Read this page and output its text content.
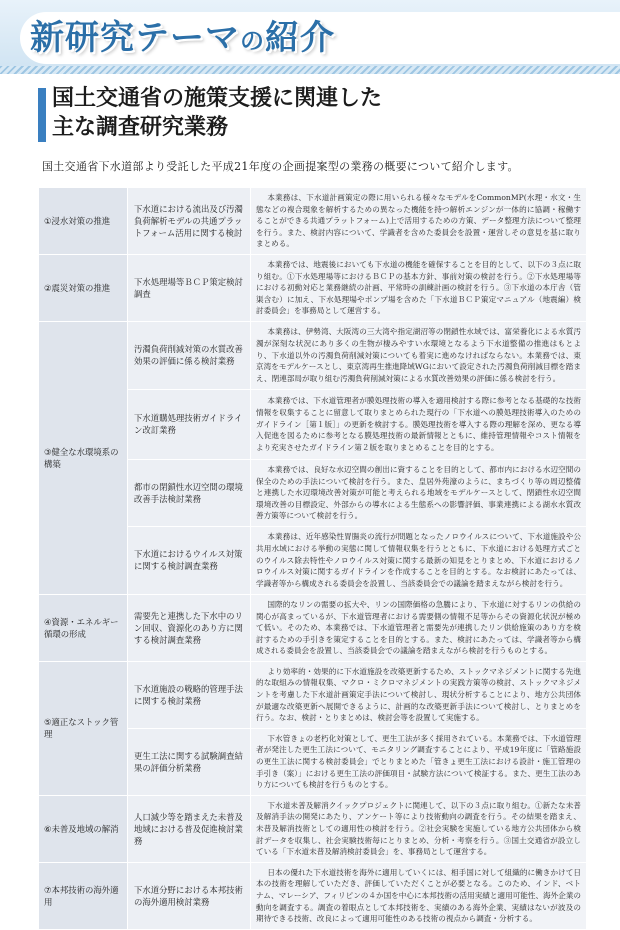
新研究テーマの紹介
国土交通省の施策支援に関連した
主な調査研究業務

国土交通省下水道部より受託した平成21年度の企画提案型の業務の概要について紹介します。

①浸水対策の推進	下水道における流出及び汚濁負荷解析モデルの共通プラットフォーム活用に関する検討	本業務は、下水道計画策定の際に用いられる様々なモデルをCommonMP(水理・水文・生態などの複合現象を解析するための異なった機能を持つ解析エンジンが一体的に協調・稼働することができる共通プラットフォーム)上で活用するための方策、データ整理方法について整理を行う。また、検討内容について、学識者を含めた委員会を設置・運営しその意見を基に取りまとめる。

②震災対策の推進	下水処理場等ＢＣＰ策定検討調査	本業務では、地震後においても下水道の機能を確保することを目的として、以下の３点に取り組む。①下水処理場等におけるＢＣＰの基本方針、事前対策の検討を行う。②下水処理場等における初動対応と業務継続の計画、平常時の訓練計画の検討を行う。③下水道の本庁舎（管渠含む）に加え、下水処理場やポンプ場を含めた「下水道ＢＣＰ策定マニュアル（地震編）検討委員会」を事務局として運営する。

③健全な水環境系の構築	汚濁負荷削減対策の水質改善効果の評価に係る検討業務	本業務は、伊勢湾、大阪湾の三大湾や指定湖沼等の閉鎖性水域では、富栄養化による水質汚濁が深刻な状況にあり多くの生物が棲みやすい水環境となるよう下水道整備の推進はもとより、下水道以外の汚濁負荷削減対策についても着実に進めなければならない。本業務では、東京湾をモデルケースとし、東京湾再生推進降域WGにおいて設定された汚濁負荷削減目標を踏まえ、閉連部局が取り組む汚濁負荷削減対策による水質改善効果の評価に係る検討を行う。

	下水道購処理技術ガイドライン改訂業務	本業務では、下水道管理者が膜処理技術の導入を適用検討する際に参考となる基礎的な技術情報を収集することに留意して取りまとめられた現行の「下水道への膜処理技術導入のためのガイドライン［第１版］」の更新を検討する。膜処理技術を導入する際の理解を深め、更なる導入促進を図るために参考となる膜処理技術の最新情報とともに、維持管理情報やコスト情報をより充実させたガイドライン第２版を取りまとめることを目的とする。

	都市の閉鎖性水辺空間の環境改善手法検討業務	本業務では、良好な水辺空間の創出に資することを目的として、都市内における水辺空間の保全のための手法について検討を行う。また、皇居外苑濠のように、まちづくり等の周辺整備と連携した水辺環境改善対策が可能と考えられる地域をモデルケースとして、閉鎖性水辺空間環境改善の目標設定、外部からの導水による生態系への影響評価、事業連携による湖水水質改善方策等について検討を行う。

	下水道におけるウイルス対策に関する検討調査業務	本業務は、近年感染性胃腸炎の流行が問題となったノロウイルスについて、下水道施設や公共用水域における挙動の実態に関して情報収集を行うとともに、下水道における処理方式ごとのウイルス除去特性やノロウイルス対策に関する最新の知見をとりまとめ、下水道におけるノロウイルス対策に関するガイドラインを作成することを目的とする。なお検討にあたっては、学識者等から構成される委員会を設置し、当該委員会での議論を踏まえながら検討を行う。

④資源・エネルギー循環の形成	需要先と連携した下水中のリン回収、資源化のあり方に関する検討調査業務	国際的なリンの需要の拡大や、リンの国際価格の急騰により、下水道に対するリンの供給の関心が高まっているが、下水道管理者における需要側の情報不足等からその資源化状況が極めて低い。そのため、本業務では、下水道管理者と需要先が連携したリン供給施策のあり方を検討するための手引きを策定することを目的とする。また、検討にあたっては、学識者等から構成される委員会を設置し、当該委員会での議論を踏まえながら検討を行うものとする。

⑤適正なストック管理	下水道施設の戦略的管理手法に関する検討業務	より効率的・効果的に下水道施設を改築更新するため、ストックマネジメントに関する先進的な取組みの情報収集、マクロ・ミクロマネジメントの実践方策等の検討、ストックマネジメントを考慮した下水道計画策定手法について検討し、現状分析することにより、地方公共団体が最適な改築更新へ展開できるように、計画的な改築更新手法について検討し、とりまとめを行う。なお、検討・とりまとめは、検討会等を設置して実施する。

	更生工法に関する試験調査結果の評価分析業務	下水管きょの老朽化対策として、更生工法が多く採用されている。本業務では、下水道管理者が発注した更生工法について、モニタリング調査することにより、平成19年度に「管路施設の更生工法に関する検討委員会」でとりまとめた「管きょ更生工法における設計・施工管理の手引き（案）」における更生工法の評価項目・試験方法について検証する。また、更生工法のあり方についても検討を行うものとする。

⑥未普及地域の解消	人口減少等を踏まえた未普及地域における普及促進検討業務	下水道未普及解消クイックプロジェクトに関連して、以下の３点に取り組む。①新たな未普及解消手法の開発にあたり、アンケート等により技術動向の調査を行う。その結果を踏まえ、未普及解消技術としての適用性の検討を行う。②社会実験を実施している地方公共団体から検討データを収集し、社会実験技術毎にとりまとめ、分析・考察を行う。③国土交通省が設立している「下水道未普及解消検討委員会」を、事務局として運営する。

⑦本邦技術の海外適用	下水道分野における本邦技術の海外適用検討業務	日本の優れた下水道技術を海外に適用していくには、相手国に対して組織的に働きかけて日本の技術を理解していただき、評価していただくことが必要となる。このため、インド、ベトナム、マレーシア、フィリピンの４か国を中心に本邦技術の活用実績と適用可能性、海外企業の動向を調査する。調査の着眼点として本邦技術を、実績のある海外企業、実績はないが波及の期待できる技術、改良によって適用可能性のある技術の視点から調査・分析する。
